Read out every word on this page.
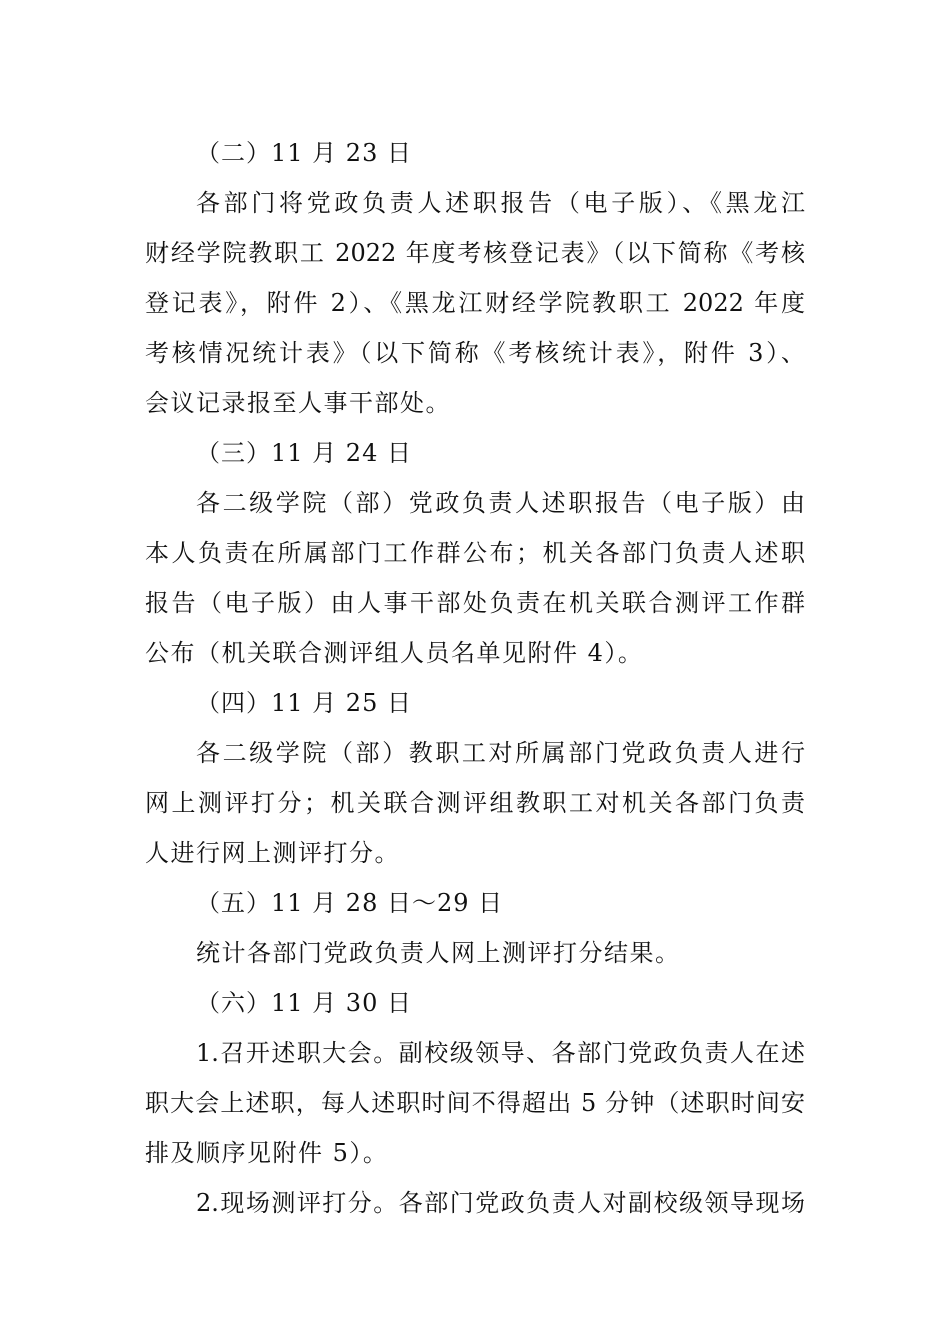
（二）11 月 23 日
各部门将党政负责人述职报告（电子版）、《黑龙江
财经学院教职工 2022 年度考核登记表》（以下简称《考核
登记表》，附件 2）、《黑龙江财经学院教职工 2022 年度
考核情况统计表》（以下简称《考核统计表》，附件 3）、
会议记录报至人事干部处。
（三）11 月 24 日
各二级学院（部）党政负责人述职报告（电子版）由
本人负责在所属部门工作群公布；机关各部门负责人述职
报告（电子版）由人事干部处负责在机关联合测评工作群
公布（机关联合测评组人员名单见附件 4）。
（四）11 月 25 日
各二级学院（部）教职工对所属部门党政负责人进行
网上测评打分；机关联合测评组教职工对机关各部门负责
人进行网上测评打分。
（五）11 月 28 日～29 日
统计各部门党政负责人网上测评打分结果。
（六）11 月 30 日
1.召开述职大会。副校级领导、各部门党政负责人在述
职大会上述职，每人述职时间不得超出 5 分钟（述职时间安
排及顺序见附件 5）。
2.现场测评打分。各部门党政负责人对副校级领导现场
